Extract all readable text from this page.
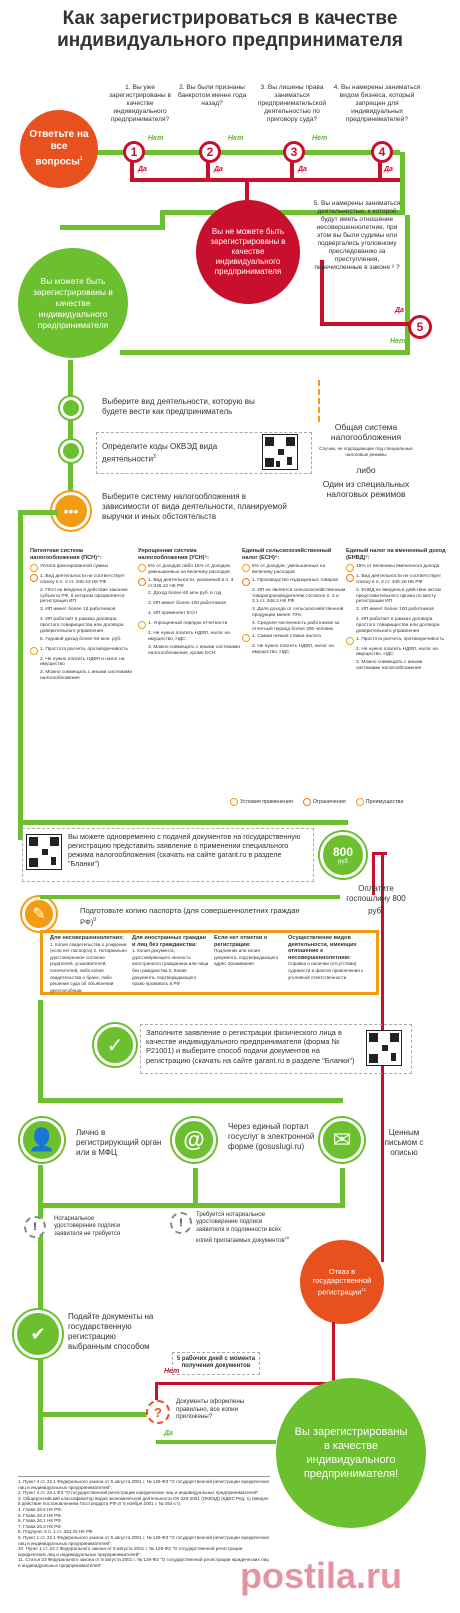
Как зарегистрироваться в качестве индивидуального предпринимателя
Ответьте на все вопросы$^1$
1. Вы уже зарегистрированы в качестве индивидуального предпринимателя?
2. Вы были признаны банкротом менее года назад?
3. Вы лишены права заниматься предпринимательской деятельностью по приговору суда?
4. Вы намерены заниматься видом бизнеса, который запрещен для индивидуальных предпринимателей?
1	2	3	4
Нет	Нет	Нет
Да	Да	Да	Да
Вы не можете быть зарегистрированы в качестве индивидуального предпринимателя
5. Вы намерены заниматься деятельностью, к которой будут иметь отношение несовершеннолетние, при этом вы были судимы или подвергались уголовному преследованию за преступления, перечисленные в законе ² ?
5
Да
Нет
Вы можете быть зарегистрированы в качестве индивидуального предпринимателя
Выберите вид деятельности, которую вы будете вести как предприниматель
Определите коды ОКВЭД вида деятельности$^3$
•••
Выберите систему налогообложения в зависимости от вида деятельности, планируемой выручки и иных обстоятельств
Общая система налогообложения
Случаи, не подпадающие под специальные налоговые режимы
либо
Один из специальных налоговых режимов
Патентная система налогообложения (ПСН)⁴:
Уплата фиксированной суммы
1. Вид деятельности не соответствует списку в п. 2 ст. 346.43 НК РФ
2. ПСН не введена в действие законом субъекта РФ, в котором оформляется регистрация ИП
3. ИП имеет более 15 работников
4. ИП работает в рамках договора простого товарищества или договора доверительного управления
5. Годовой доход более 60 млн. руб.
1. Простота расчета, противоречивость
2. Не нужно платить НДФЛ и налог на имущество
3. Можно совмещать с иными системами налогообложения
Упрощенная система налогообложения (УСН)⁵:
6% от доходов либо 15% от доходов, уменьшенных на величину расходов
1. Вид деятельности, указанный в п. 3 ст.346.12 НК РФ
2. Доход более 60 млн руб. в год
3. ИП имеет более 100 работников
4. ИП применяет ЕСН
1. Упрощенный порядок отчетности
2. Не нужно платить НДФЛ, налог на имущество, НДС
3. Можно совмещать с иными системами налогообложения, кроме ЕСН
Единый сельскохозяйственный налог (ЕСН)⁶:
6% от доходов, уменьшенных на величину расходов
1. Производство подакцизных товаров
2. ИП не является сельскохозяйственным товаропроизводителем согласно п. 2 и 2.1 ст. 346.2 НК РФ
3. Доля дохода от сельскохозяйственной продукции менее 70%
4. Средняя численность работников за отчетный период более 300 человек
1. Самая низкая ставка налога
2. Не нужно платить НДФЛ, налог на имущество, НДС
Единый налог на вмененный доход (ЕНВД)⁷:
15% от величины вмененного дохода
1. Вид деятельности не соответствует списку в п. 2 ст. 346.26 НК РФ
2. ЕНВД не введена в действие актом представительного органа по месту регистрации ИП
3. ИП имеет более 100 работников
4. ИП работает в рамках договора простого товарищества или договора доверительного управления
1. Простота расчета, противоречивость
2. Не нужно платить НДФЛ, налог на имущество, НДС
3. Можно совмещать с иными системами налогообложения
Условия применения	Ограничения	Преимущества
Вы можете одновременно с подачей документов на государственную регистрацию представить заявление о применении специального режима налогообложения (скачать на сайте garant.ru в разделе "Бланки")
800
руб
Оплатите госпошлину 800 руб$^8$
✎	Подготовьте копию паспорта (для совершеннолетних граждан РФ)$^9$
Для несовершеннолетних:
1. Копия свидетельства о рождении (если нет паспорта) 2. Нотариально удостоверенное согласие родителей, усыновителей, попечителей, либо копия свидетельства о браке, либо решение суда об объявлении дееспособным
Для иностранных граждан и лиц без гражданства:
1. Копия документа, удостоверяющего личность иностранного гражданина или лица без гражданства 2. Копия документа, подтверждающего право проживать в РФ
Если нет отметки о регистрации:
Подлинник или копия документа, подтверждающего адрес проживания
Осуществление видов деятельности, имеющих отношение к несовершеннолетним:
Справка о наличии (отсутствии) судимости и фактов привлечения к уголовной ответственности
✓
Заполните заявление о регистрации физического лица в качестве индивидуального предпринимателя (форма № Р21001) и выберите способ подачи документов на регистрацию (скачать на сайте garant.ru в разделе "Бланки")
👤	Лично в регистрирующий орган или в МФЦ
@
Через единый портал госуслуг в электронной форме (gosuslugi.ru)	✉	Ценным письмом с описью
!
Нотариальное удостоверение подписи заявителя не требуется
!
Требуется нотариальное удостоверение подписи заявителя и подлинности всех копий прилагаемых документов$^{10}$
Отказ в государственной регистрации$^{11}$
✔
Подайте документы на государственную регистрацию выбранным способом
5 рабочих дней с момента получения документов
Нет
?
Документы оформлены правильно, все копии приложены?
Да	Вы зарегистрированы в качестве индивидуального предпринимателя!
1. Пункт 4 ст. 22.1 Федерального закона от 8 августа 2001 г. № 129-ФЗ "О государственной регистрации юридических лиц и индивидуальных предпринимателей".
2. Пункт 4 ст. 22.1 ФЗ "О государственной регистрации юридических лиц и индивидуальных предпринимателей".
3. Общероссийский классификатор видов экономической деятельности ОК 029-2001 (ОКВЭД) (КДЕС Ред. 1) (введен в действие постановлением Госстандарта РФ от 6 ноября 2001 г. № 454-ст).
4. Глава 26.5 НК РФ.
5. Глава 26.2 НК РФ.
6. Глава 26.1 НК РФ.
7. Глава 26.3 НК РФ.
8. Подпункт 6 п. 1 ст. 333.33 НК РФ.
9. Пункт 1 ст. 22.1 Федерального закона от 8 августа 2001 г. № 129-ФЗ "О государственной регистрации юридических лиц и индивидуальных предпринимателей".
10. Пункт 1 ст. 22.1 Федерального закона от 8 августа 2001 г. № 129-ФЗ "О государственной регистрации юридических лиц и индивидуальных предпринимателей".
11. Статья 23 Федерального закона от 8 августа 2001 г. № 129-ФЗ "О государственной регистрации юридических лиц и индивидуальных предпринимателей".	postila.ru
